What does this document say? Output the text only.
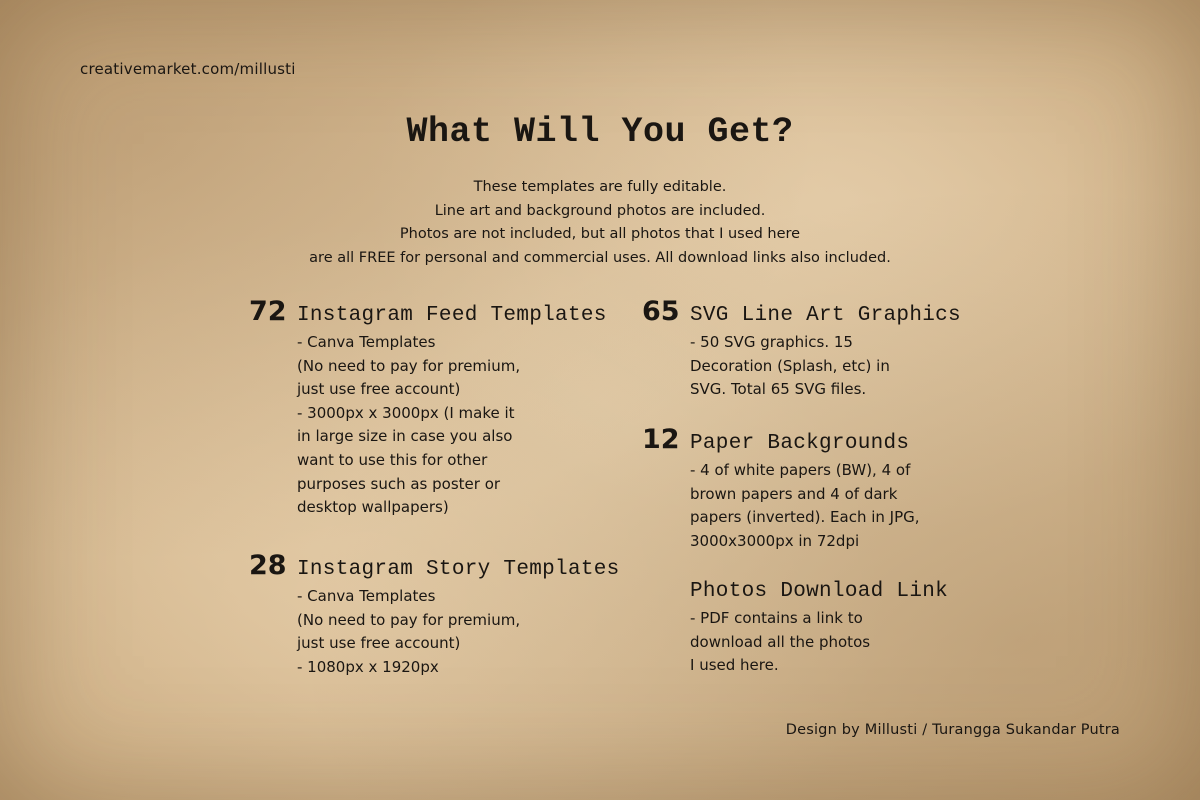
creativemarket.com/millusti
What Will You Get?
These templates are fully editable.
Line art and background photos are included.
Photos are not included, but all photos that I used here
are all FREE for personal and commercial uses. All download links also included.
72 Instagram Feed Templates
- Canva Templates
(No need to pay for premium,
just use free account)
- 3000px x 3000px (I make it
in large size in case you also
want to use this for other
purposes such as poster or
desktop wallpapers)
28 Instagram Story Templates
- Canva Templates
(No need to pay for premium,
just use free account)
- 1080px x 1920px
65 SVG Line Art Graphics
- 50 SVG graphics. 15
Decoration (Splash, etc) in
SVG. Total 65 SVG files.
12 Paper Backgrounds
- 4 of white papers (BW), 4 of
brown papers and 4 of dark
papers (inverted). Each in JPG,
3000x3000px in 72dpi
Photos Download Link
- PDF contains a link to
download all the photos
I used here.
Design by Millusti / Turangga Sukandar Putra
